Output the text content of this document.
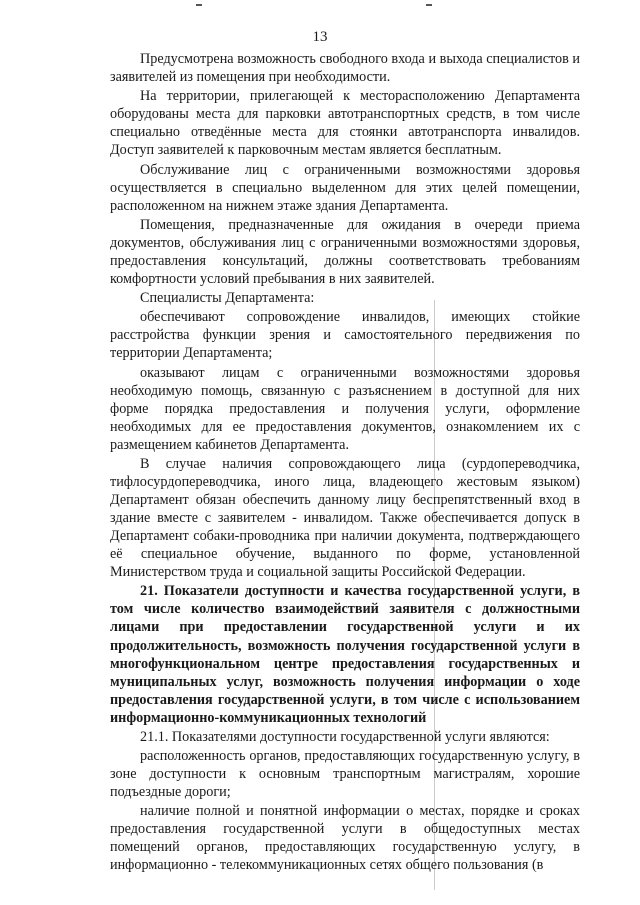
13

Предусмотрена возможность свободного входа и выхода специалистов и заявителей из помещения при необходимости.

На территории, прилегающей к месторасположению Департамента оборудованы места для парковки автотранспортных средств, в том числе специально отведённые места для стоянки автотранспорта инвалидов. Доступ заявителей к парковочным местам является бесплатным.

Обслуживание лиц с ограниченными возможностями здоровья осуществляется в специально выделенном для этих целей помещении, расположенном на нижнем этаже здания Департамента.

Помещения, предназначенные для ожидания в очереди приема документов, обслуживания лиц с ограниченными возможностями здоровья, предоставления консультаций, должны соответствовать требованиям комфортности условий пребывания в них заявителей.

Специалисты Департамента:

обеспечивают сопровождение инвалидов, имеющих стойкие расстройства функции зрения и самостоятельного передвижения по территории Департамента;

оказывают лицам с ограниченными возможностями здоровья необходимую помощь, связанную с разъяснением в доступной для них форме порядка предоставления и получения услуги, оформление необходимых для ее предоставления документов, ознакомлением их с размещением кабинетов Департамента.

В случае наличия сопровождающего лица (сурдопереводчика, тифлосурдопереводчика, иного лица, владеющего жестовым языком) Департамент обязан обеспечить данному лицу беспрепятственный вход в здание вместе с заявителем - инвалидом. Также обеспечивается допуск в Департамент собаки-проводника при наличии документа, подтверждающего её специальное обучение, выданного по форме, установленной Министерством труда и социальной защиты Российской Федерации.

21. Показатели доступности и качества государственной услуги, в том числе количество взаимодействий заявителя с должностными лицами при предоставлении государственной услуги и их продолжительность, возможность получения государственной услуги в многофункциональном центре предоставления государственных и муниципальных услуг, возможность получения информации о ходе предоставления государственной услуги, в том числе с использованием информационно-коммуникационных технологий

21.1. Показателями доступности государственной услуги являются:

расположенность органов, предоставляющих государственную услугу, в зоне доступности к основным транспортным магистралям, хорошие подъездные дороги;

наличие полной и понятной информации о местах, порядке и сроках предоставления государственной услуги в общедоступных местах помещений органов, предоставляющих государственную услугу, в информационно - телекоммуникационных сетях общего пользования (в
